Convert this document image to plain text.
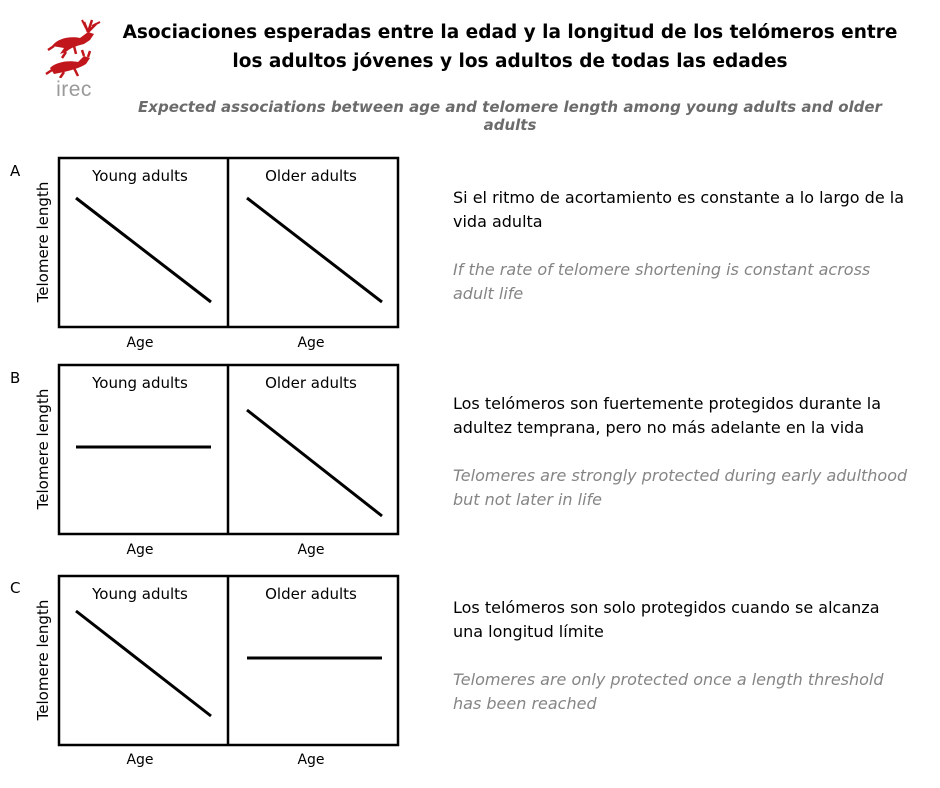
irec
Asociaciones esperadas entre la edad y la longitud de los telómeros entre los adultos jóvenes y los adultos de todas las edades
Expected associations between age and telomere length among young adults and older adults
A
Telomere length
Young adults	Older adults
Age	Age
Si el ritmo de acortamiento es constante a lo largo de la vida adulta
If the rate of telomere shortening is constant across adult life
B
Telomere length
Young adults	Older adults
Age	Age
Los telómeros son fuertemente protegidos durante la adultez temprana, pero no más adelante en la vida
Telomeres are strongly protected during early adulthood but not later in life
C
Telomere length
Young adults	Older adults
Age	Age
Los telómeros son solo protegidos cuando se alcanza una longitud límite
Telomeres are only protected once a length threshold has been reached
